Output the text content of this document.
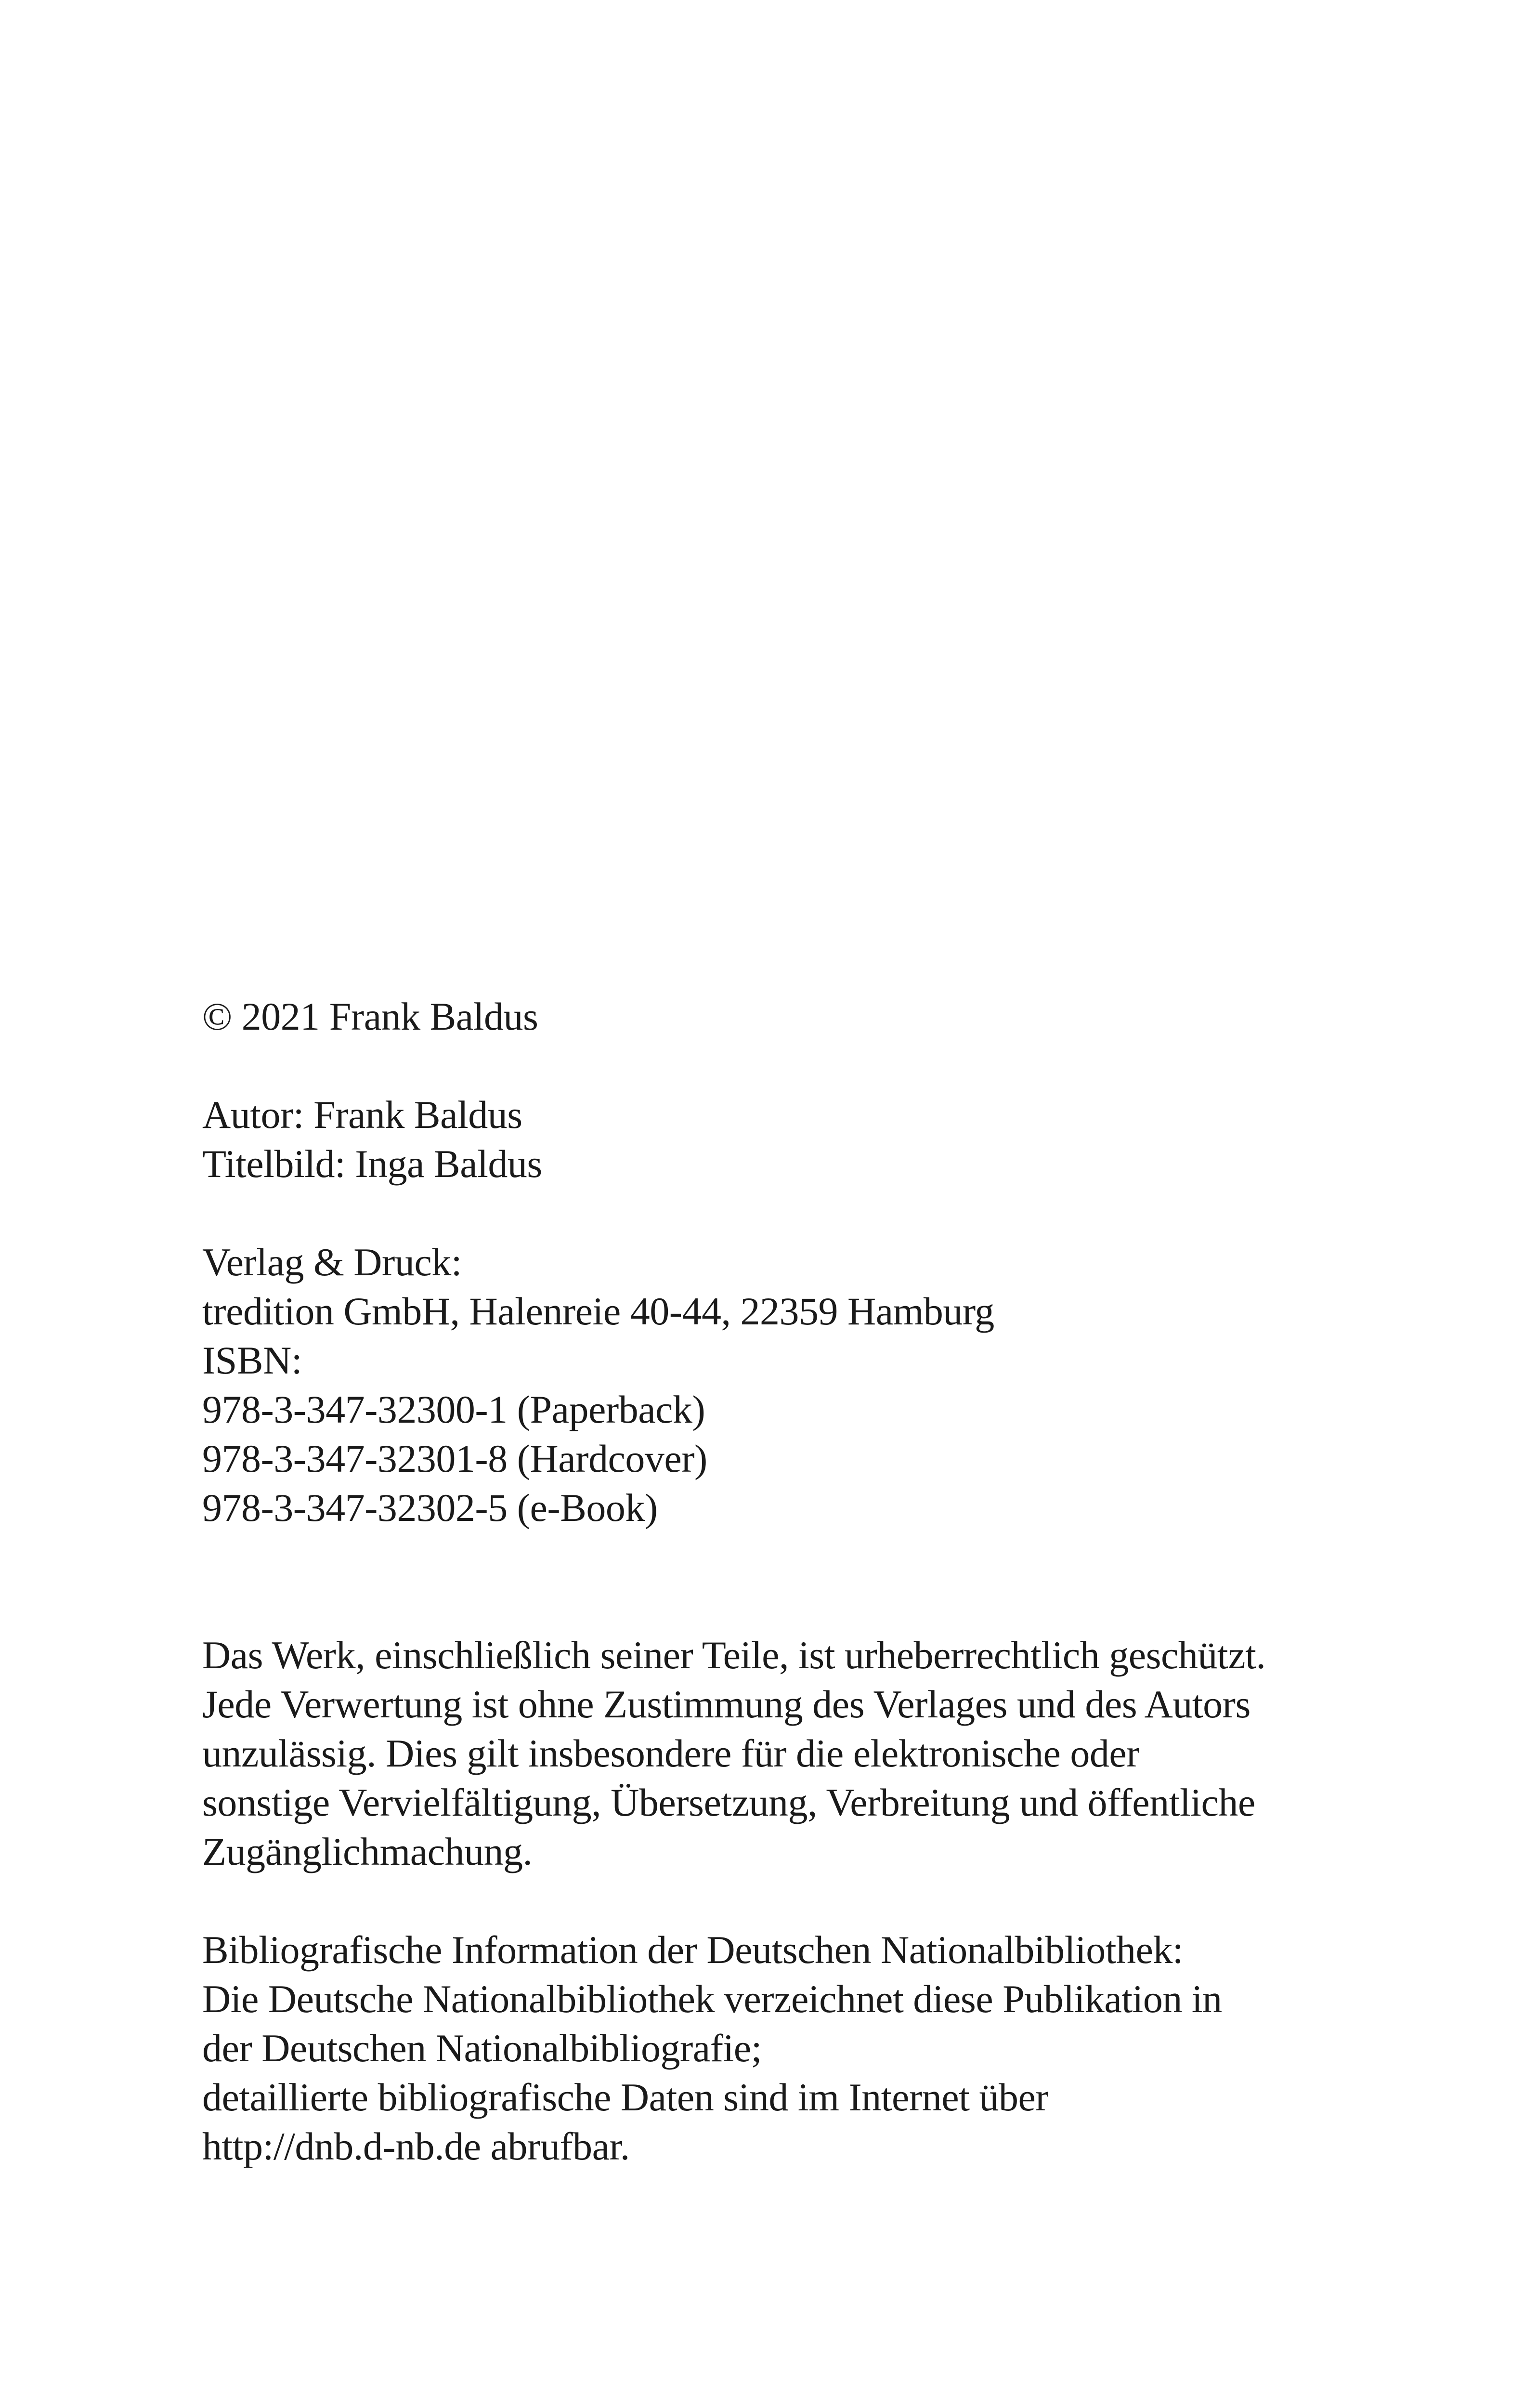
© 2021 Frank Baldus
Autor: Frank Baldus
Titelbild: Inga Baldus
Verlag & Druck:
tredition GmbH, Halenreie 40-44, 22359 Hamburg
ISBN:
978-3-347-32300-1 (Paperback)
978-3-347-32301-8 (Hardcover)
978-3-347-32302-5 (e-Book)
Das Werk, einschließlich seiner Teile, ist urheberrechtlich geschützt.
Jede Verwertung ist ohne Zustimmung des Verlages und des Autors
unzulässig. Dies gilt insbesondere für die elektronische oder
sonstige Vervielfältigung, Übersetzung, Verbreitung und öffentliche
Zugänglichmachung.
Bibliografische Information der Deutschen Nationalbibliothek:
Die Deutsche Nationalbibliothek verzeichnet diese Publikation in
der Deutschen Nationalbibliografie;
detaillierte bibliografische Daten sind im Internet über
http://dnb.d-nb.de abrufbar.
